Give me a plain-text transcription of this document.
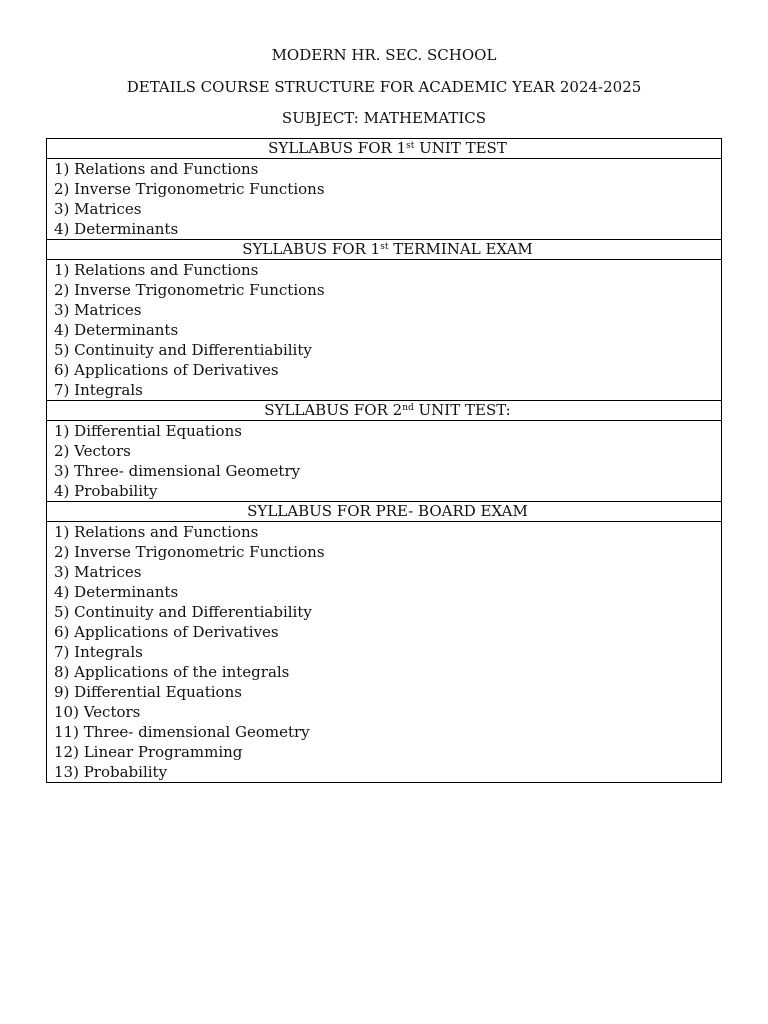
MODERN HR. SEC. SCHOOL
DETAILS COURSE STRUCTURE FOR ACADEMIC YEAR 2024-2025
SUBJECT: MATHEMATICS
SYLLABUS FOR 1st UNIT TEST

1) Relations and Functions
2) Inverse Trigonometric Functions
3) Matrices
4) Determinants

SYLLABUS FOR 1st TERMINAL EXAM

1) Relations and Functions
2) Inverse Trigonometric Functions
3) Matrices
4) Determinants
5) Continuity and Differentiability
6) Applications of Derivatives
7) Integrals

SYLLABUS FOR 2nd UNIT TEST:

1) Differential Equations
2) Vectors
3) Three- dimensional Geometry
4) Probability

SYLLABUS FOR PRE- BOARD EXAM

1) Relations and Functions
2) Inverse Trigonometric Functions
3) Matrices
4) Determinants
5) Continuity and Differentiability
6) Applications of Derivatives
7) Integrals
8) Applications of the integrals
9) Differential Equations
10) Vectors
11) Three- dimensional Geometry
12) Linear Programming
13) Probability
